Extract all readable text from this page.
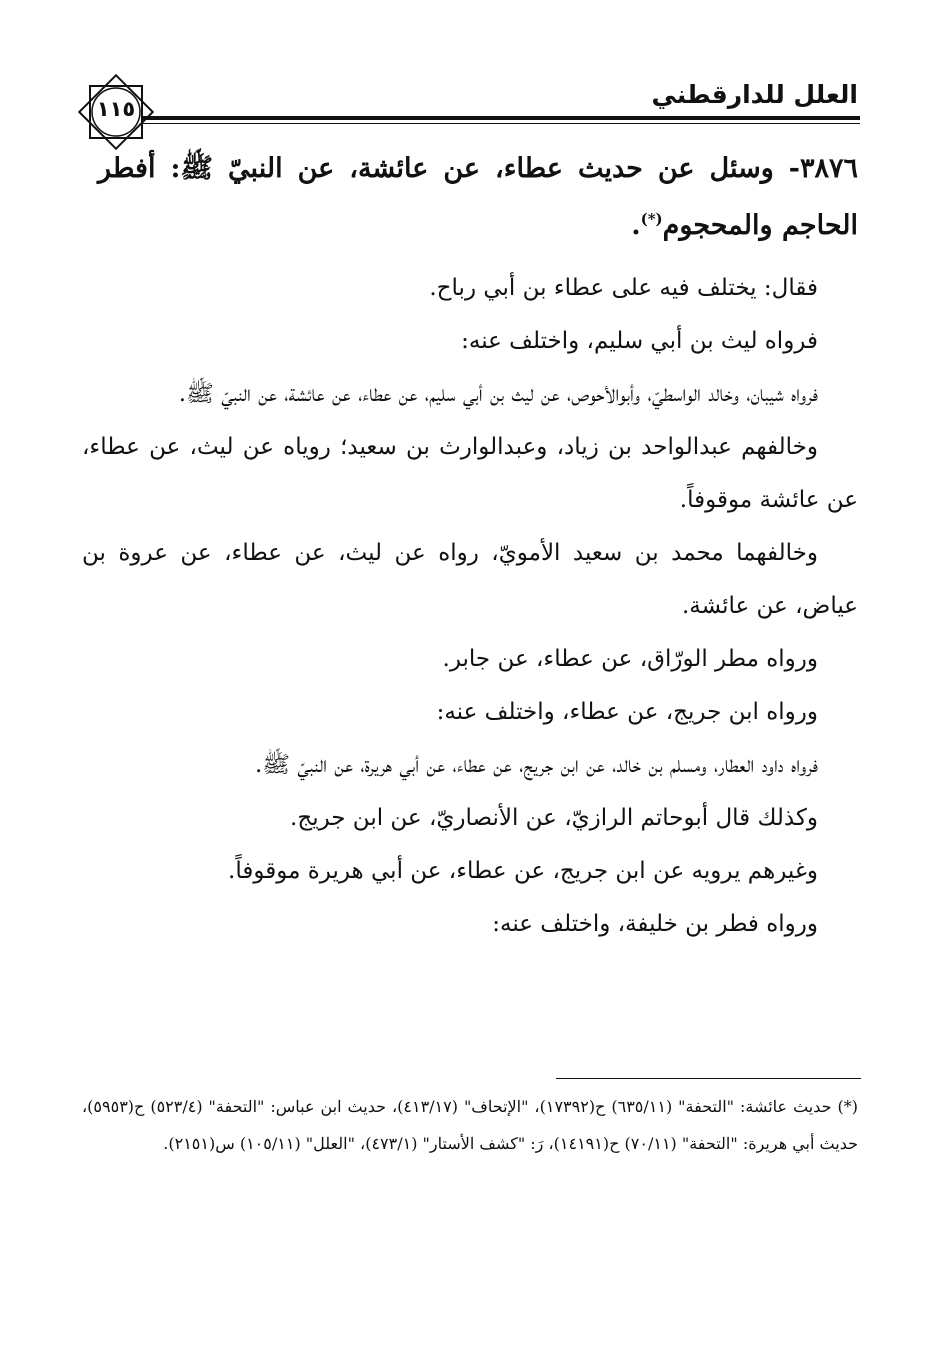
العلل للدارقطني
١١٥
٣٨٧٦- وسئل عن حديث عطاء، عن عائشة، عن النبيّ ﷺ: أفطر الحاجم والمحجوم(*).

فقال: يختلف فيه على عطاء بن أبي رباح.

فرواه ليث بن أبي سليم، واختلف عنه:

فرواه شيبان، وخالد الواسطيّ، وأبوالأحوص، عن ليث بن أبي سليم، عن عطاء، عن عائشة، عن النبيّ ﷺ.

وخالفهم عبدالواحد بن زياد، وعبدالوارث بن سعيد؛ روياه عن ليث، عن عطاء، عن عائشة موقوفاً.

وخالفهما محمد بن سعيد الأمويّ، رواه عن ليث، عن عطاء، عن عروة بن عياض، عن عائشة.

ورواه مطر الورّاق، عن عطاء، عن جابر.

ورواه ابن جريج، عن عطاء، واختلف عنه:

فرواه داود العطار، ومسلم بن خالد، عن ابن جريج، عن عطاء، عن أبي هريرة، عن النبيّ ﷺ.

وكذلك قال أبوحاتم الرازيّ، عن الأنصاريّ، عن ابن جريج.

وغيرهم يرويه عن ابن جريج، عن عطاء، عن أبي هريرة موقوفاً.

ورواه فطر بن خليفة، واختلف عنه:

(*) حديث عائشة: "التحفة" (٦٣٥/١١) ح(١٧٣٩٢)، "الإتحاف" (٤١٣/١٧)، حديث ابن عباس: "التحفة" (٥٢٣/٤) ح(٥٩٥٣)، حديث أبي هريرة: "التحفة" (٧٠/١١) ح(١٤١٩١)، رَ: "كشف الأستار" (٤٧٣/١)، "العلل" (١٠٥/١١) س(٢١٥١).
